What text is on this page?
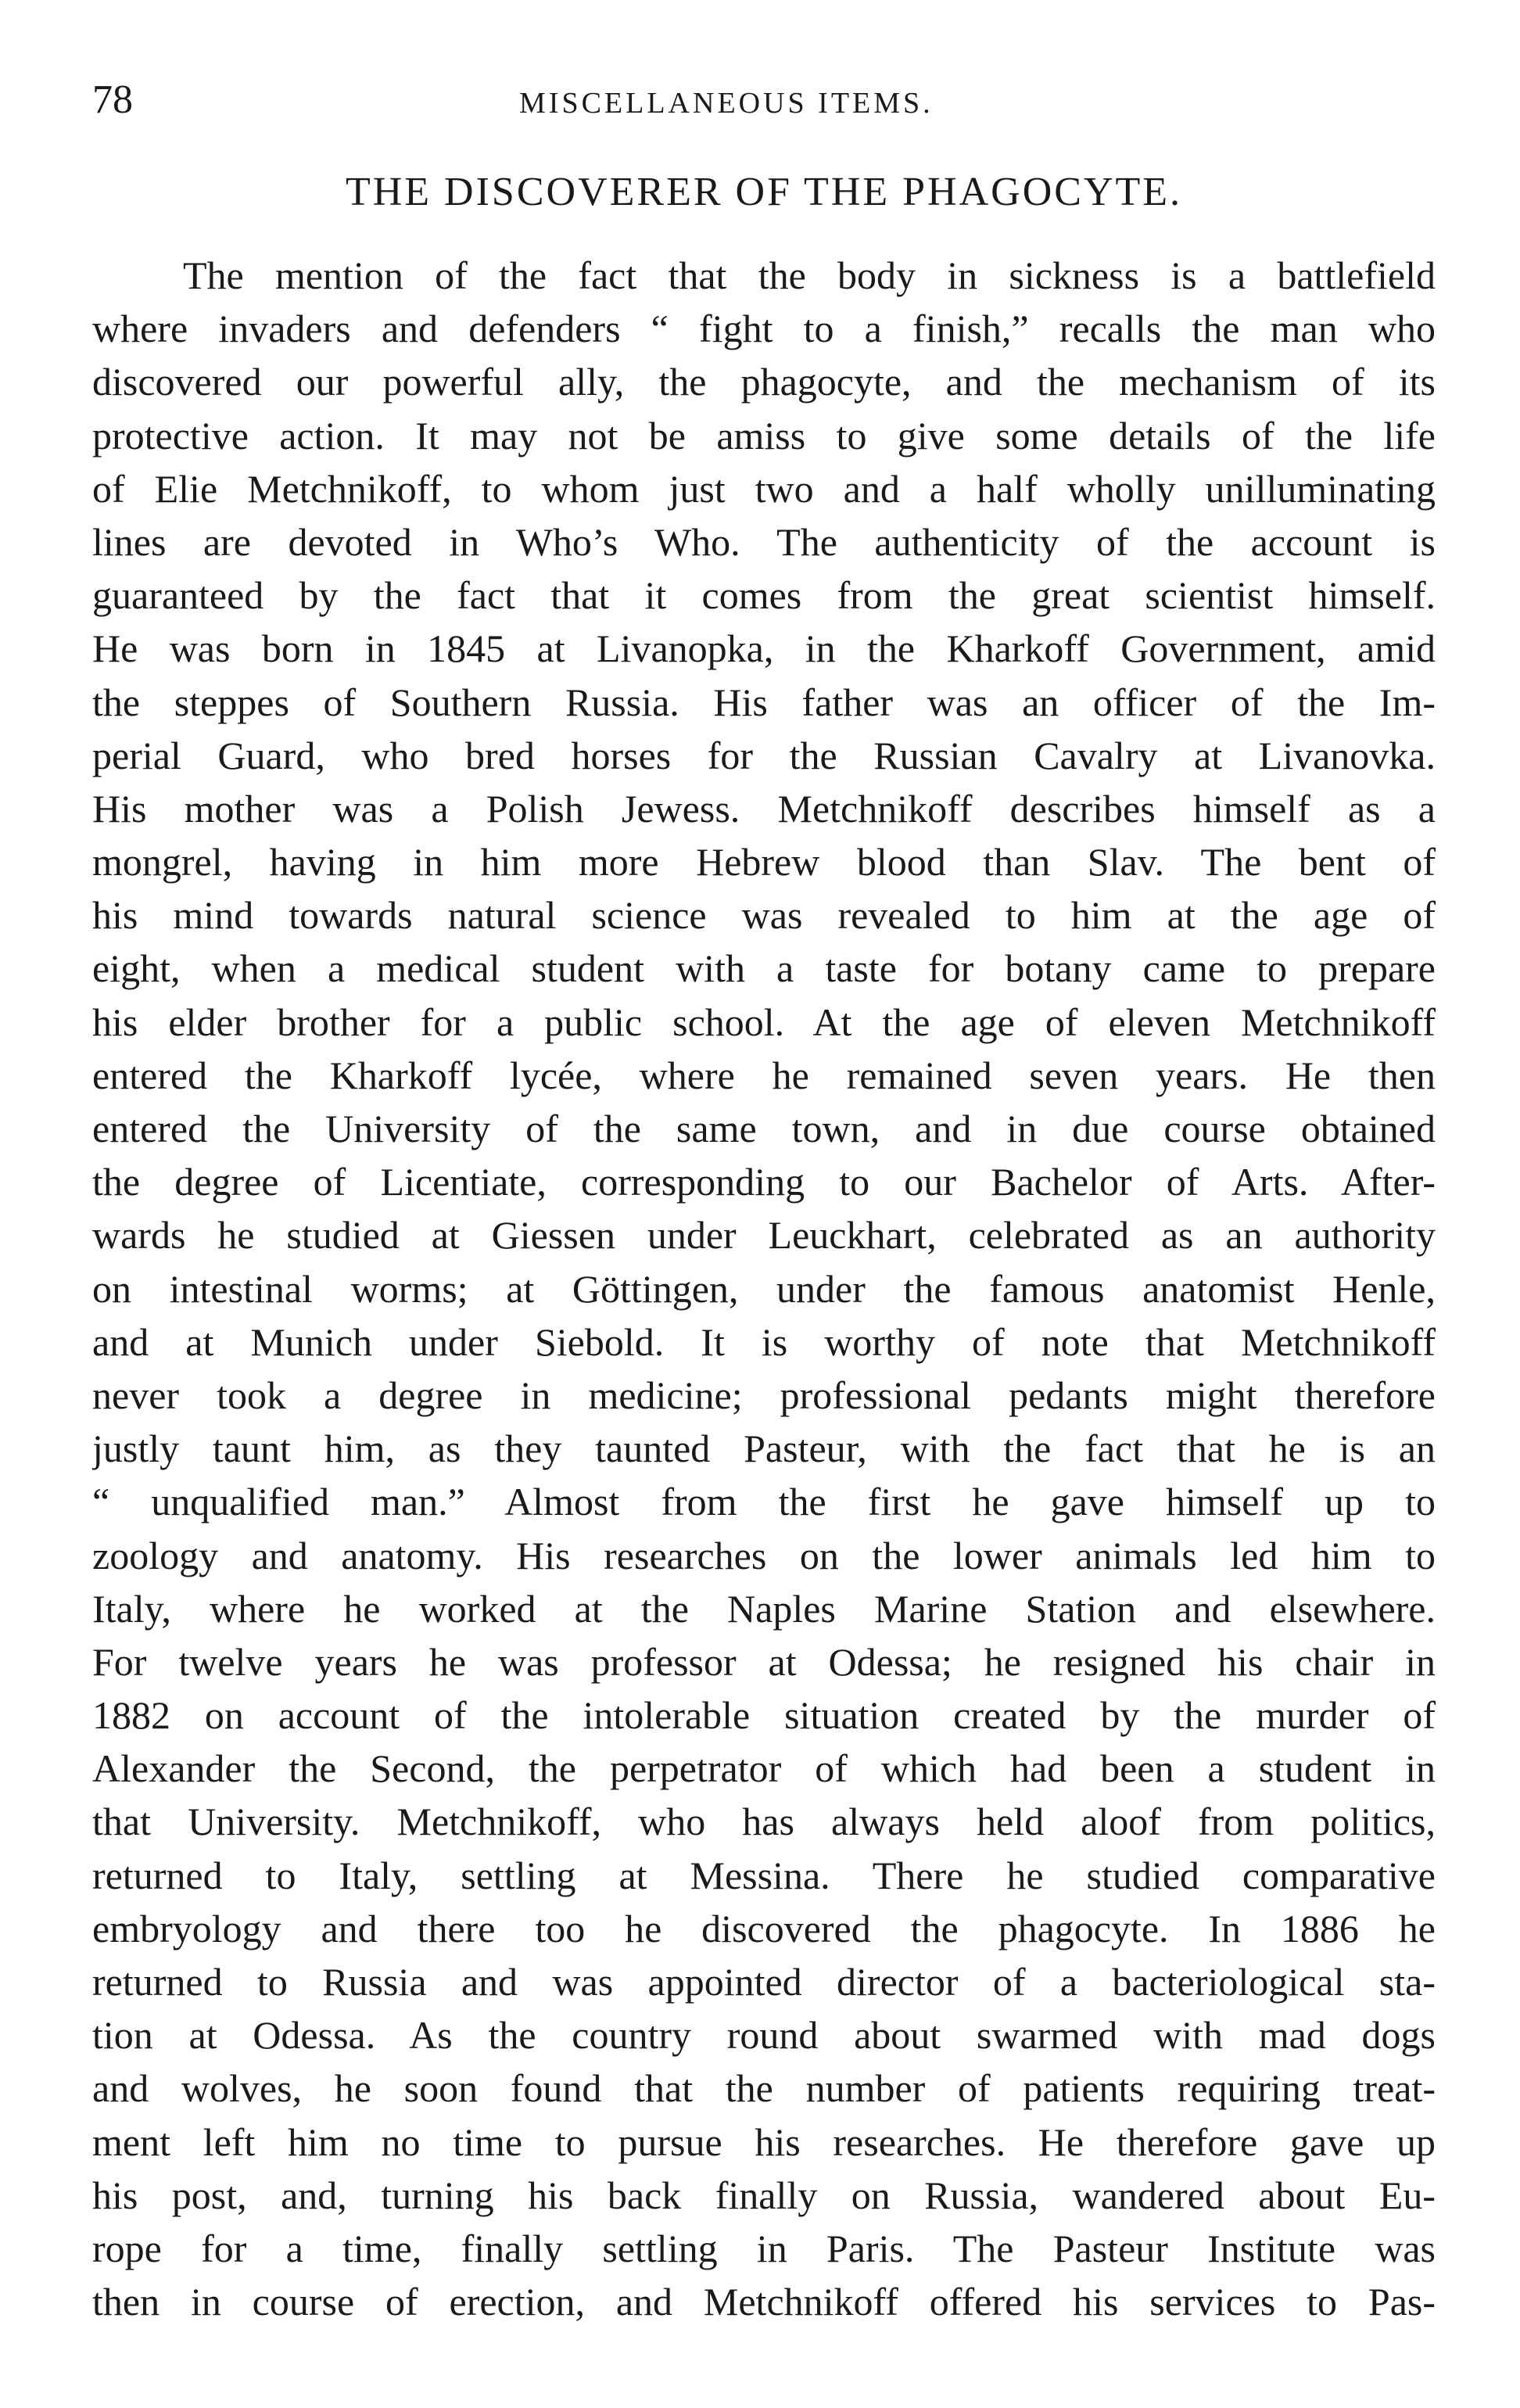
78	MISCELLANEOUS ITEMS.
THE DISCOVERER OF THE PHAGOCYTE.
The mention of the fact that the body in sickness is a battlefield
where invaders and defenders “ fight to a finish,” recalls the man who
discovered our powerful ally, the phagocyte, and the mechanism of its
protective action. It may not be amiss to give some details of the life
of Elie Metchnikoff, to whom just two and a half wholly unilluminating
lines are devoted in Who’s Who. The authenticity of the account is
guaranteed by the fact that it comes from the great scientist himself.
He was born in 1845 at Livanopka, in the Kharkoff Government, amid
the steppes of Southern Russia. His father was an officer of the Im-
perial Guard, who bred horses for the Russian Cavalry at Livanovka.
His mother was a Polish Jewess. Metchnikoff describes himself as a
mongrel, having in him more Hebrew blood than Slav. The bent of
his mind towards natural science was revealed to him at the age of
eight, when a medical student with a taste for botany came to prepare
his elder brother for a public school. At the age of eleven Metchnikoff
entered the Kharkoff lycée, where he remained seven years. He then
entered the University of the same town, and in due course obtained
the degree of Licentiate, corresponding to our Bachelor of Arts. After-
wards he studied at Giessen under Leuckhart, celebrated as an authority
on intestinal worms; at Göttingen, under the famous anatomist Henle,
and at Munich under Siebold. It is worthy of note that Metchnikoff
never took a degree in medicine; professional pedants might therefore
justly taunt him, as they taunted Pasteur, with the fact that he is an
“ unqualified man.” Almost from the first he gave himself up to
zoology and anatomy. His researches on the lower animals led him to
Italy, where he worked at the Naples Marine Station and elsewhere.
For twelve years he was professor at Odessa; he resigned his chair in
1882 on account of the intolerable situation created by the murder of
Alexander the Second, the perpetrator of which had been a student in
that University. Metchnikoff, who has always held aloof from politics,
returned to Italy, settling at Messina. There he studied comparative
embryology and there too he discovered the phagocyte. In 1886 he
returned to Russia and was appointed director of a bacteriological sta-
tion at Odessa. As the country round about swarmed with mad dogs
and wolves, he soon found that the number of patients requiring treat-
ment left him no time to pursue his researches. He therefore gave up
his post, and, turning his back finally on Russia, wandered about Eu-
rope for a time, finally settling in Paris. The Pasteur Institute was
then in course of erection, and Metchnikoff offered his services to Pas-
